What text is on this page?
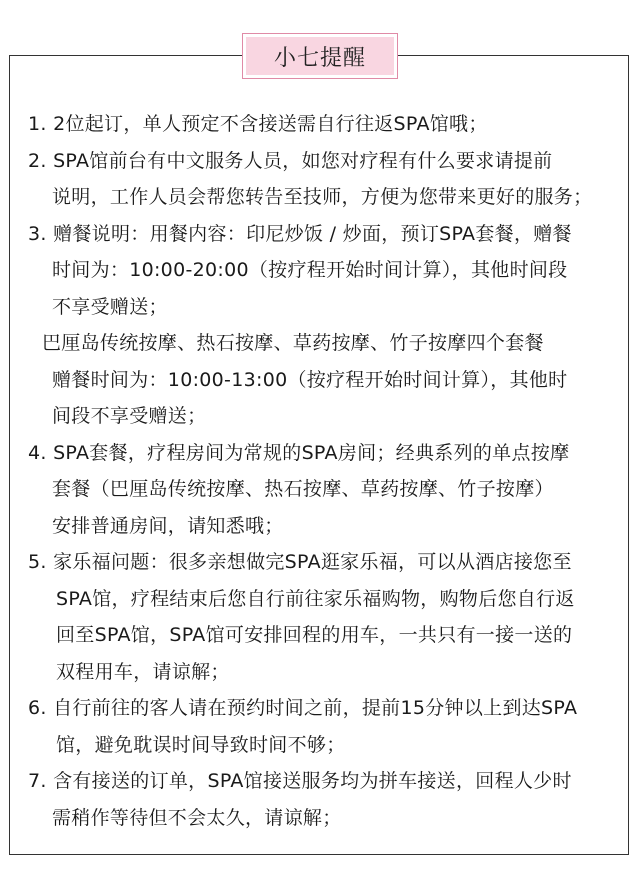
小七提醒
1. 2位起订，单人预定不含接送需自行往返SPA馆哦；
2. SPA馆前台有中文服务人员，如您对疗程有什么要求请提前
说明，工作人员会帮您转告至技师，方便为您带来更好的服务；
3. 赠餐说明：用餐内容：印尼炒饭 / 炒面，预订SPA套餐，赠餐
时间为：10:00-20:00（按疗程开始时间计算），其他时间段
不享受赠送；
巴厘岛传统按摩、热石按摩、草药按摩、竹子按摩四个套餐
赠餐时间为：10:00-13:00（按疗程开始时间计算），其他时
间段不享受赠送；
4. SPA套餐，疗程房间为常规的SPA房间；经典系列的单点按摩
套餐（巴厘岛传统按摩、热石按摩、草药按摩、竹子按摩）
安排普通房间，请知悉哦；
5. 家乐福问题：很多亲想做完SPA逛家乐福，可以从酒店接您至
SPA馆，疗程结束后您自行前往家乐福购物，购物后您自行返
回至SPA馆，SPA馆可安排回程的用车，一共只有一接一送的
双程用车，请谅解；
6. 自行前往的客人请在预约时间之前，提前15分钟以上到达SPA
馆，避免耽误时间导致时间不够；
7. 含有接送的订单，SPA馆接送服务均为拼车接送，回程人少时
需稍作等待但不会太久，请谅解；
